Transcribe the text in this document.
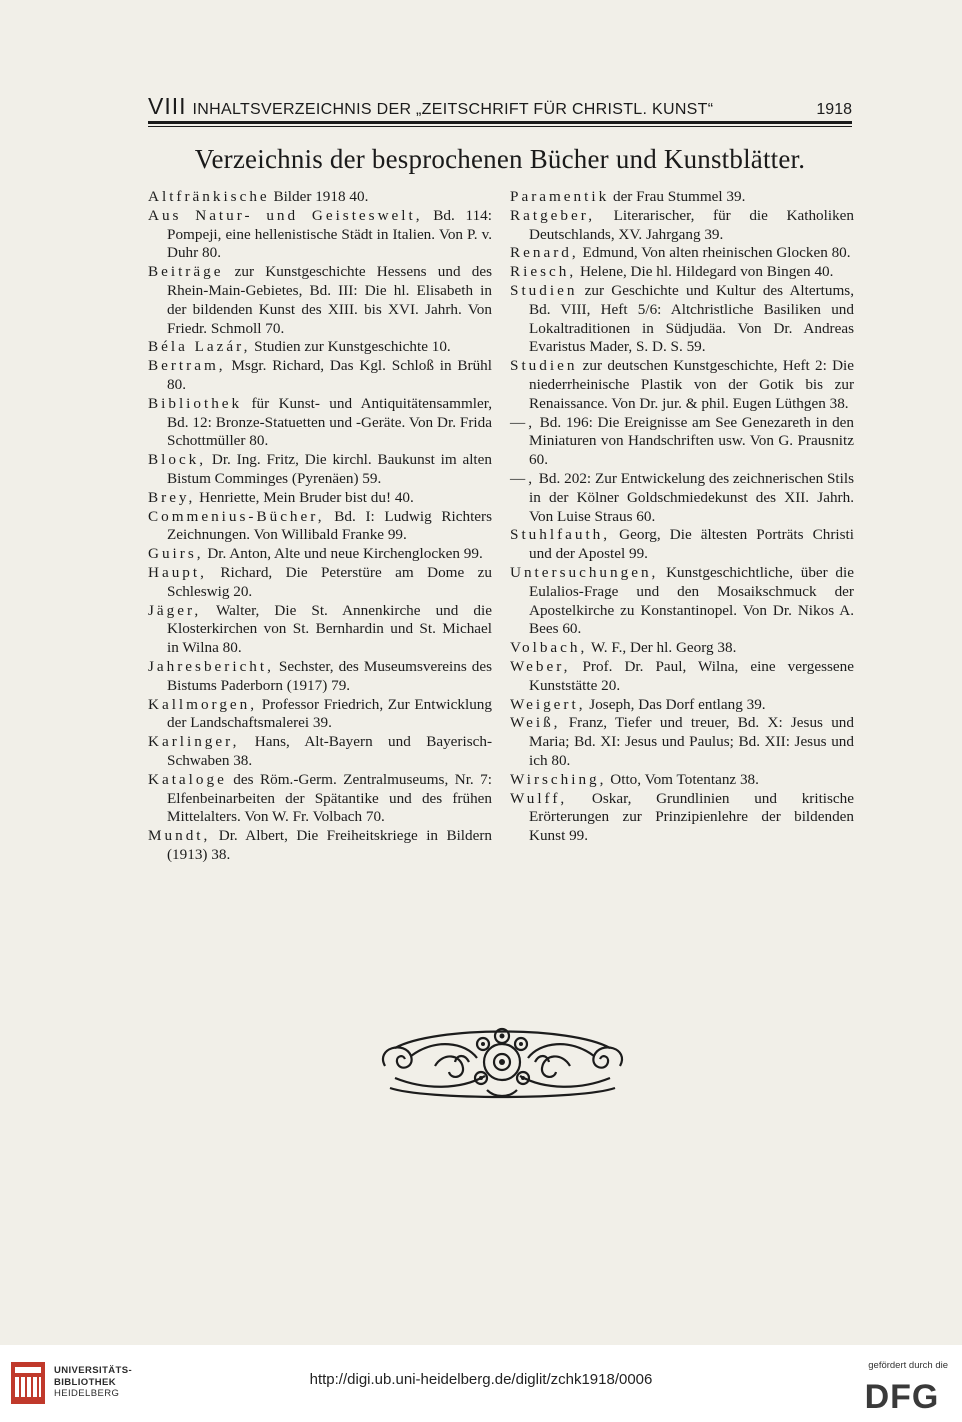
VIII INHALTSVERZEICHNIS DER „ZEITSCHRIFT FÜR CHRISTL. KUNST“	1918
Verzeichnis der besprochenen Bücher und Kunstblätter.
Altfränkische Bilder 1918 40.
Aus Natur- und Geisteswelt, Bd. 114: Pompeji, eine hellenistische Städt in Italien. Von P. v. Duhr 80.
Beiträge zur Kunstgeschichte Hessens und des Rhein-Main-Gebietes, Bd. III: Die hl. Elisabeth in der bildenden Kunst des XIII. bis XVI. Jahrh. Von Friedr. Schmoll 70.
Béla Lazár, Studien zur Kunstgeschichte 10.
Bertram, Msgr. Richard, Das Kgl. Schloß in Brühl 80.
Bibliothek für Kunst- und Antiquitätensammler, Bd. 12: Bronze-Statuetten und -Geräte. Von Dr. Frida Schottmüller 80.
Block, Dr. Ing. Fritz, Die kirchl. Baukunst im alten Bistum Comminges (Pyrenäen) 59.
Brey, Henriette, Mein Bruder bist du! 40.
Commenius-Bücher, Bd. I: Ludwig Richters Zeichnungen. Von Willibald Franke 99.
Guirs, Dr. Anton, Alte und neue Kirchenglocken 99.
Haupt, Richard, Die Peterstüre am Dome zu Schleswig 20.
Jäger, Walter, Die St. Annenkirche und die Klosterkirchen von St. Bernhardin und St. Michael in Wilna 80.
Jahresbericht, Sechster, des Museumsvereins des Bistums Paderborn (1917) 79.
Kallmorgen, Professor Friedrich, Zur Entwicklung der Landschaftsmalerei 39.
Karlinger, Hans, Alt-Bayern und Bayerisch-Schwaben 38.
Kataloge des Röm.-Germ. Zentralmuseums, Nr. 7: Elfenbeinarbeiten der Spätantike und des frühen Mittelalters. Von W. Fr. Volbach 70.
Mundt, Dr. Albert, Die Freiheitskriege in Bildern (1913) 38.
Paramentik der Frau Stummel 39.
Ratgeber, Literarischer, für die Katholiken Deutschlands, XV. Jahrgang 39.
Renard, Edmund, Von alten rheinischen Glocken 80.
Riesch, Helene, Die hl. Hildegard von Bingen 40.
Studien zur Geschichte und Kultur des Altertums, Bd. VIII, Heft 5/6: Altchristliche Basiliken und Lokaltraditionen in Südjudäa. Von Dr. Andreas Evaristus Mader, S. D. S. 59.
Studien zur deutschen Kunstgeschichte, Heft 2: Die niederrheinische Plastik von der Gotik bis zur Renaissance. Von Dr. jur. & phil. Eugen Lüthgen 38.
—, Bd. 196: Die Ereignisse am See Genezareth in den Miniaturen von Handschriften usw. Von G. Prausnitz 60.
—, Bd. 202: Zur Entwickelung des zeichnerischen Stils in der Kölner Goldschmiedekunst des XII. Jahrh. Von Luise Straus 60.
Stuhlfauth, Georg, Die ältesten Porträts Christi und der Apostel 99.
Untersuchungen, Kunstgeschichtliche, über die Eulalios-Frage und den Mosaikschmuck der Apostelkirche zu Konstantinopel. Von Dr. Nikos A. Bees 60.
Volbach, W. F., Der hl. Georg 38.
Weber, Prof. Dr. Paul, Wilna, eine vergessene Kunststätte 20.
Weigert, Joseph, Das Dorf entlang 39.
Weiß, Franz, Tiefer und treuer, Bd. X: Jesus und Maria; Bd. XI: Jesus und Paulus; Bd. XII: Jesus und ich 80.
Wirsching, Otto, Vom Totentanz 38.
Wulff, Oskar, Grundlinien und kritische Erörterungen zur Prinzipienlehre der bildenden Kunst 99.
UNIVERSITÄTS-
BIBLIOTHEK
HEIDELBERG
http://digi.ub.uni-heidelberg.de/diglit/zchk1918/0006
gefördert durch die
DFG
